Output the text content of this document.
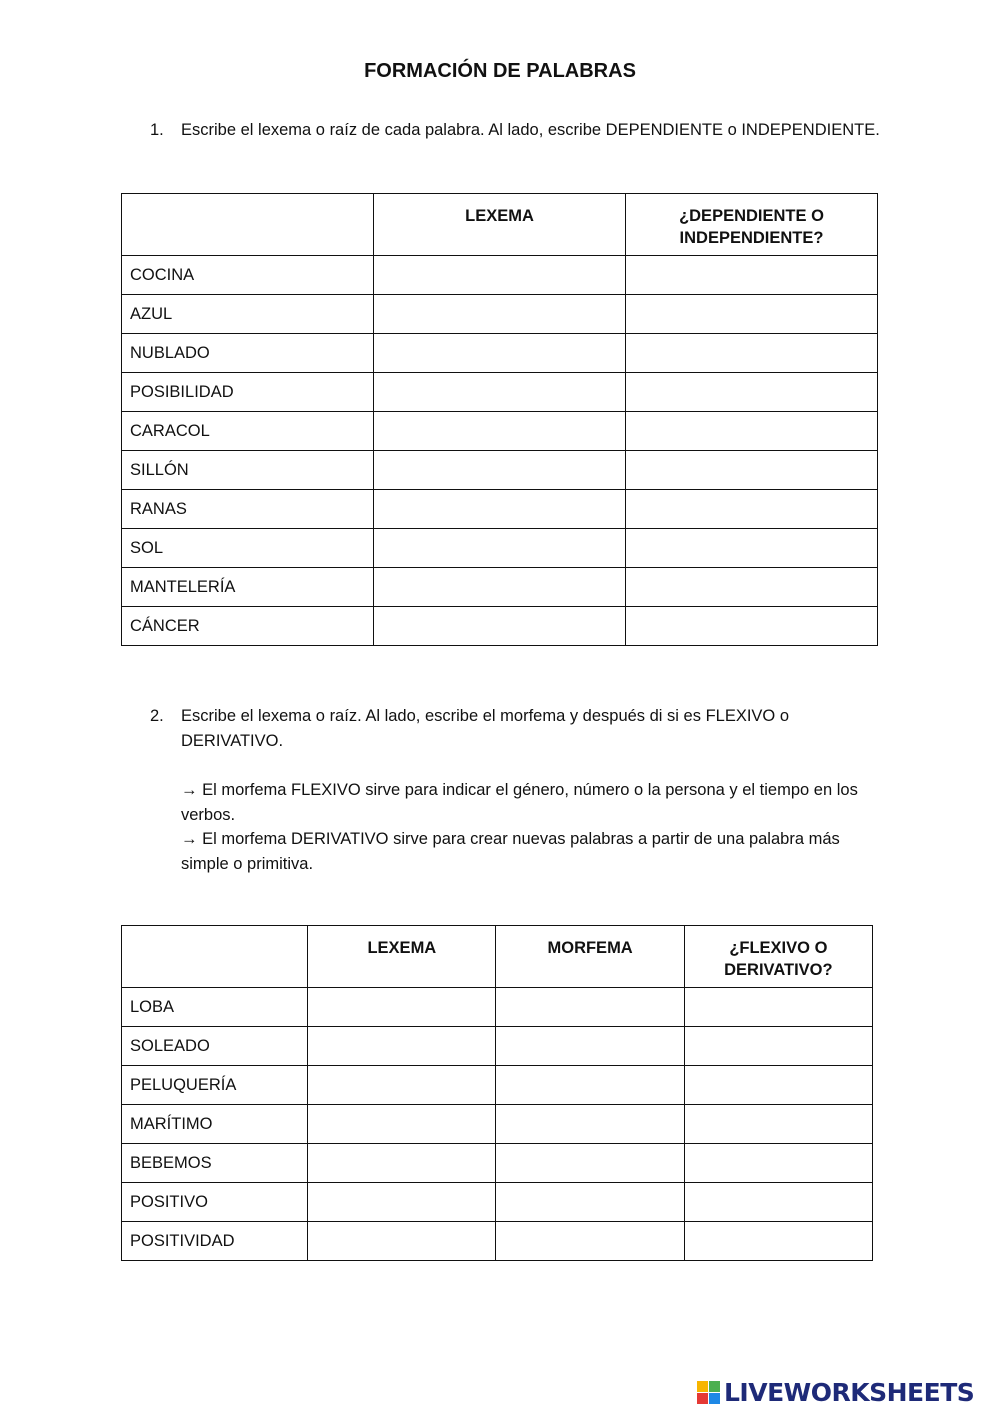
FORMACIÓN DE PALABRAS
1.	Escribe el lexema o raíz de cada palabra. Al lado, escribe DEPENDIENTE o INDEPENDIENTE.
	LEXEMA	¿DEPENDIENTE O INDEPENDIENTE?
COCINA		
AZUL		
NUBLADO		
POSIBILIDAD		
CARACOL		
SILLÓN		
RANAS		
SOL		
MANTELERÍA		
CÁNCER		
2.	Escribe el lexema o raíz. Al lado, escribe el morfema y después di si es FLEXIVO o DERIVATIVO.
→ El morfema FLEXIVO sirve para indicar el género, número o la persona y el tiempo en los verbos.
→ El morfema DERIVATIVO sirve para crear nuevas palabras a partir de una palabra más simple o primitiva.
	LEXEMA	MORFEMA	¿FLEXIVO O DERIVATIVO?
LOBA			
SOLEADO			
PELUQUERÍA			
MARÍTIMO			
BEBEMOS			
POSITIVO			
POSITIVIDAD			
LIVEWORKSHEETS
